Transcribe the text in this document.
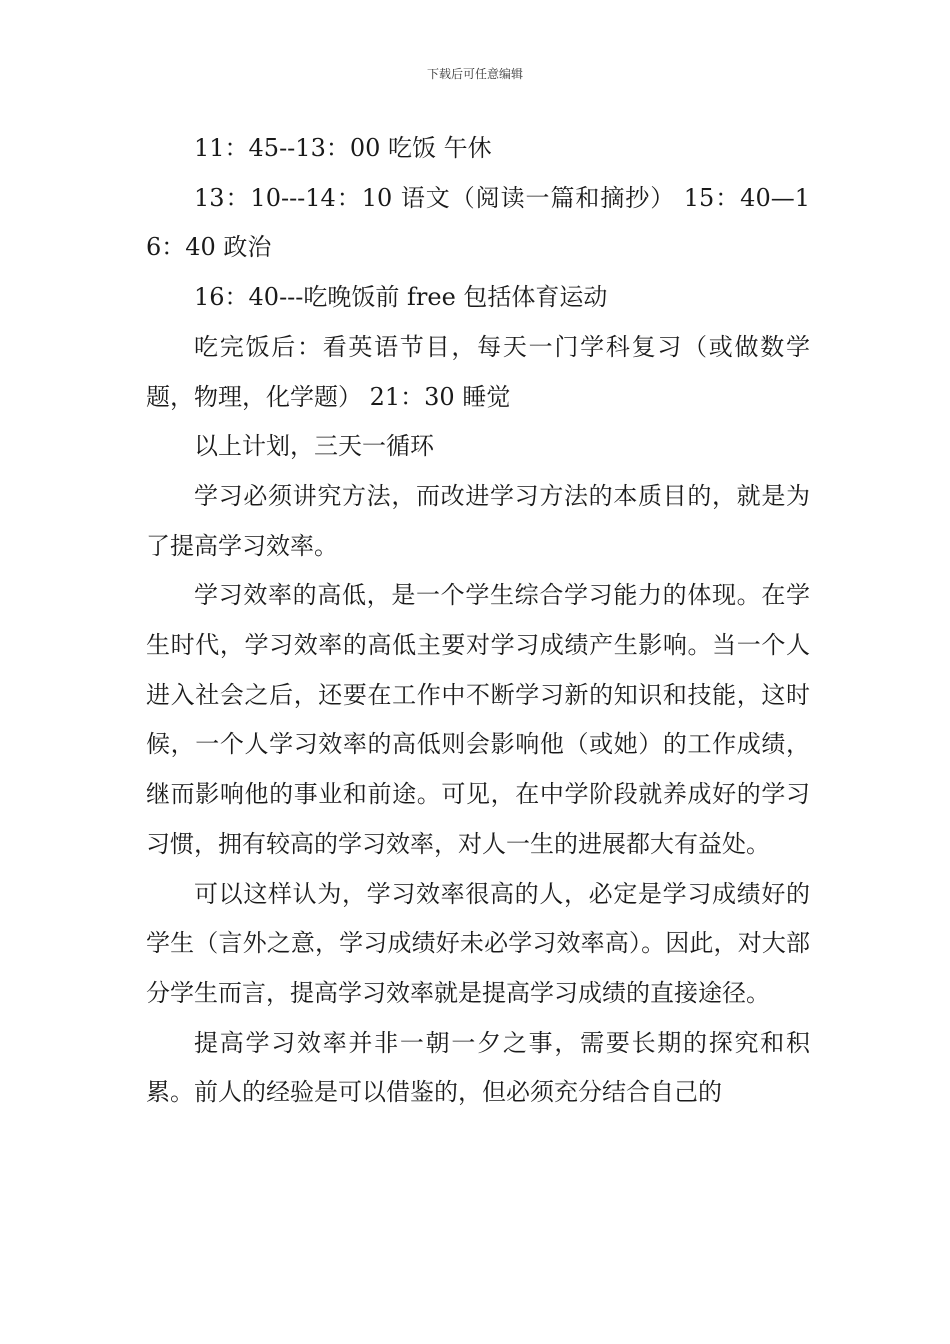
下载后可任意编辑

11：45--13：00 吃饭 午休

13：10---14：10 语文（阅读一篇和摘抄） 15：40—16：40 政治

16：40---吃晚饭前 free 包括体育运动

吃完饭后：看英语节目，每天一门学科复习（或做数学题，物理，化学题） 21：30 睡觉

以上计划，三天一循环

学习必须讲究方法，而改进学习方法的本质目的，就是为了提高学习效率。

学习效率的高低，是一个学生综合学习能力的体现。在学生时代，学习效率的高低主要对学习成绩产生影响。当一个人进入社会之后，还要在工作中不断学习新的知识和技能，这时候，一个人学习效率的高低则会影响他（或她）的工作成绩，继而影响他的事业和前途。可见，在中学阶段就养成好的学习习惯，拥有较高的学习效率，对人一生的进展都大有益处。

可以这样认为，学习效率很高的人，必定是学习成绩好的学生（言外之意，学习成绩好未必学习效率高）。因此，对大部分学生而言，提高学习效率就是提高学习成绩的直接途径。

提高学习效率并非一朝一夕之事，需要长期的探究和积累。前人的经验是可以借鉴的，但必须充分结合自己的
